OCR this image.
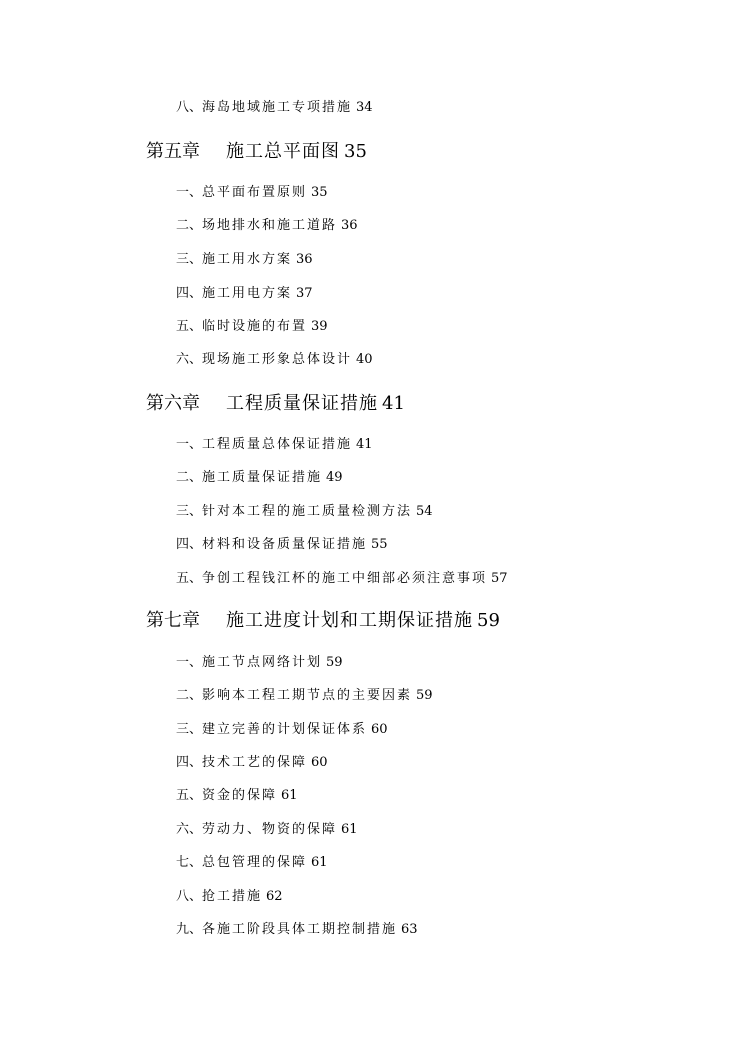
八、海岛地域施工专项措施 34
第五章 施工总平面图 35
一、总平面布置原则 35
二、场地排水和施工道路 36
三、施工用水方案 36
四、施工用电方案 37
五、临时设施的布置 39
六、现场施工形象总体设计 40
第六章 工程质量保证措施 41
一、工程质量总体保证措施 41
二、施工质量保证措施 49
三、针对本工程的施工质量检测方法 54
四、材料和设备质量保证措施 55
五、争创工程钱江杯的施工中细部必须注意事项 57
第七章 施工进度计划和工期保证措施 59
一、施工节点网络计划 59
二、影响本工程工期节点的主要因素 59
三、建立完善的计划保证体系 60
四、技术工艺的保障 60
五、资金的保障 61
六、劳动力、物资的保障 61
七、总包管理的保障 61
八、抢工措施 62
九、各施工阶段具体工期控制措施 63
